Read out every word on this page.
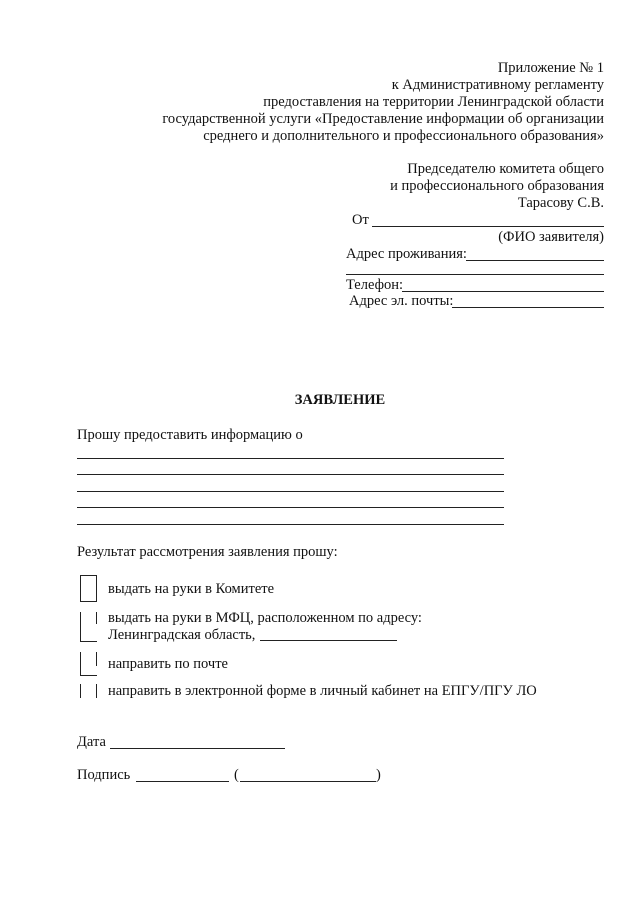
Приложение № 1
к Административному регламенту
предоставления на территории Ленинградской области
государственной услуги «Предоставление информации об организации
среднего и дополнительного и профессионального образования»
Председателю комитета общего
и профессионального образования
Тарасову С.В.
От
(ФИО заявителя)
Адрес проживания:
Телефон:
Адрес эл. почты:
ЗАЯВЛЕНИЕ
Прошу предоставить информацию о
Результат рассмотрения заявления прошу:
выдать на руки в Комитете
выдать на руки в МФЦ, расположенном по адресу:
Ленинградская область,
направить по почте
направить в электронной форме в личный кабинет на ЕПГУ/ПГУ ЛО
Дата
Подпись	(	)
